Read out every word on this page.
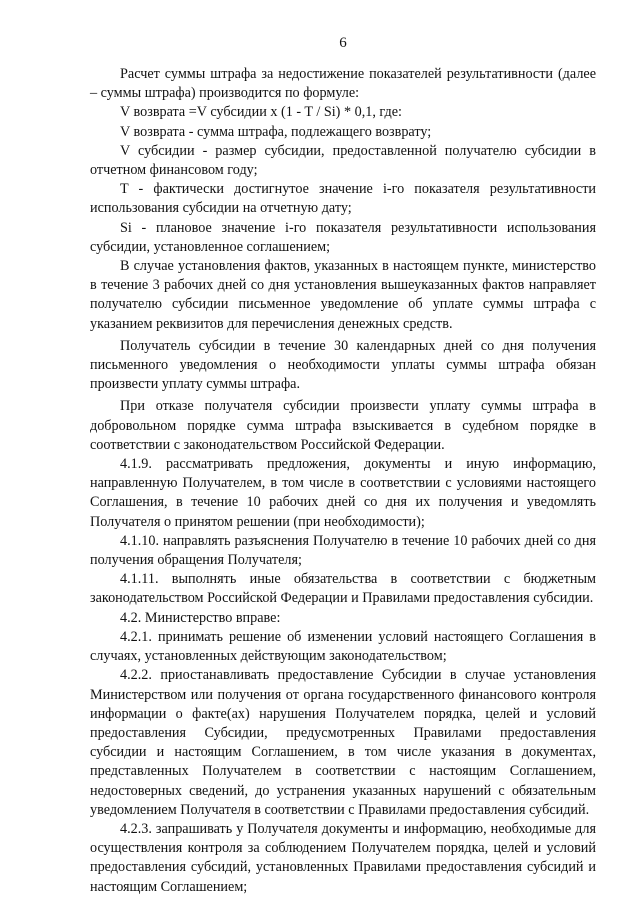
6

Расчет суммы штрафа за недостижение показателей результативности (далее – суммы штрафа) производится по формуле:

V возврата =V субсидии x (1 - T / Si) * 0,1, где:

V возврата - сумма штрафа, подлежащего возврату;

V субсидии - размер субсидии, предоставленной получателю субсидии в отчетном финансовом году;

T - фактически достигнутое значение i-го показателя результативности использования субсидии на отчетную дату;

Si - плановое значение i-го показателя результативности использования субсидии, установленное соглашением;

В случае установления фактов, указанных в настоящем пункте, министерство в течение 3 рабочих дней со дня установления вышеуказанных фактов направляет получателю субсидии письменное уведомление об уплате суммы штрафа с указанием реквизитов для перечисления денежных средств.

Получатель субсидии в течение 30 календарных дней со дня получения письменного уведомления о необходимости уплаты суммы штрафа обязан произвести уплату суммы штрафа.

При отказе получателя субсидии произвести уплату суммы штрафа в добровольном порядке сумма штрафа взыскивается в судебном порядке в соответствии с законодательством Российской Федерации.

4.1.9. рассматривать предложения, документы и иную информацию, направленную Получателем, в том числе в соответствии с условиями настоящего Соглашения, в течение 10 рабочих дней со дня их получения и уведомлять Получателя о принятом решении (при необходимости);

4.1.10. направлять разъяснения Получателю в течение 10 рабочих дней со дня получения обращения Получателя;

4.1.11. выполнять иные обязательства в соответствии с бюджетным законодательством Российской Федерации и Правилами предоставления субсидии.

4.2. Министерство вправе:

4.2.1. принимать решение об изменении условий настоящего Соглашения в случаях, установленных действующим законодательством;

4.2.2. приостанавливать предоставление Субсидии в случае установления Министерством или получения от органа государственного финансового контроля информации о факте(ах) нарушения Получателем порядка, целей и условий предоставления Субсидии, предусмотренных Правилами предоставления субсидии и настоящим Соглашением, в том числе указания в документах, представленных Получателем в соответствии с настоящим Соглашением, недостоверных сведений, до устранения указанных нарушений с обязательным уведомлением Получателя в соответствии с Правилами предоставления субсидий.

4.2.3. запрашивать у Получателя документы и информацию, необходимые для осуществления контроля за соблюдением Получателем порядка, целей и условий предоставления субсидий, установленных Правилами предоставления субсидий и настоящим Соглашением;
